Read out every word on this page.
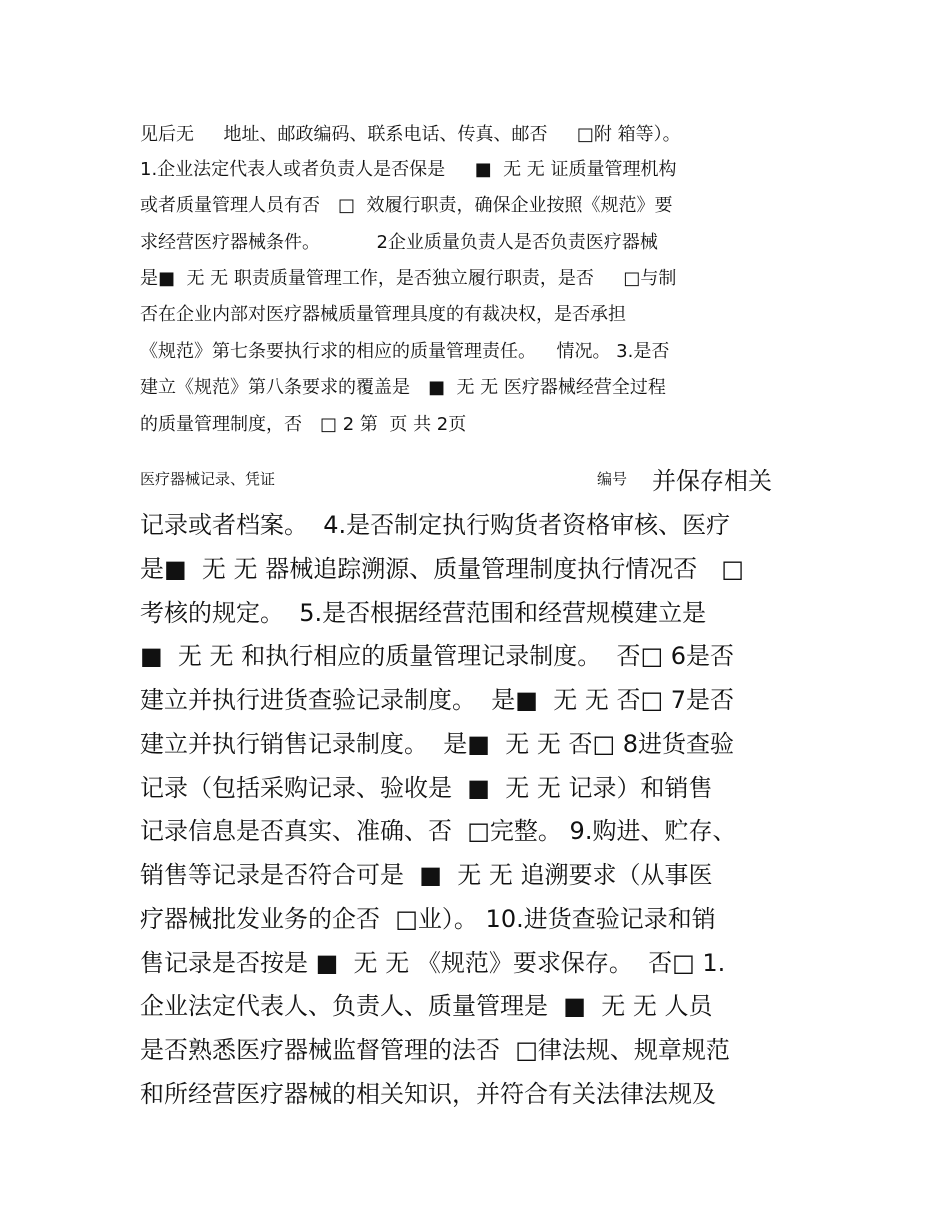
见后无　  地址、邮政编码、联系电话、传真、邮否　  □附 箱等）。
1.企业法定代表人或者负责人是否保是　  ■  无 无 证质量管理机构
或者质量管理人员有否　□  效履行职责，确保企业按照《规范》要
求经营医疗器械条件。　　　  2企业质量负责人是否负责医疗器械
是■  无 无 职责质量管理工作，是否独立履行职责，是否　  □与制
否在企业内部对医疗器械质量管理具度的有裁决权，是否承担
《规范》第七条要执行求的相应的质量管理责任。　  情况。 3.是否
建立《规范》第八条要求的覆盖是　■  无 无 医疗器械经营全过程
的质量管理制度，否　□ 2 第  页 共 2页
医疗器械记录、凭证	编号 并保存相关
记录或者档案。  4.是否制定执行购货者资格审核、医疗
是■  无 无 器械追踪溯源、质量管理制度执行情况否　□
考核的规定。  5.是否根据经营范围和经营规模建立是
■  无 无 和执行相应的质量管理记录制度。  否□ 6是否
建立并执行进货查验记录制度。  是■  无 无 否□ 7是否
建立并执行销售记录制度。  是■  无 无 否□ 8进货查验
记录（包括采购记录、验收是  ■  无 无 记录）和销售
记录信息是否真实、准确、否  □完整。 9.购进、贮存、
销售等记录是否符合可是  ■  无 无 追溯要求（从事医
疗器械批发业务的企否  □业）。 10.进货查验记录和销
售记录是否按是 ■  无 无 《规范》要求保存。  否□ 1.
企业法定代表人、负责人、质量管理是  ■  无 无 人员
是否熟悉医疗器械监督管理的法否  □律法规、规章规范
和所经营医疗器械的相关知识，并符合有关法律法规及
